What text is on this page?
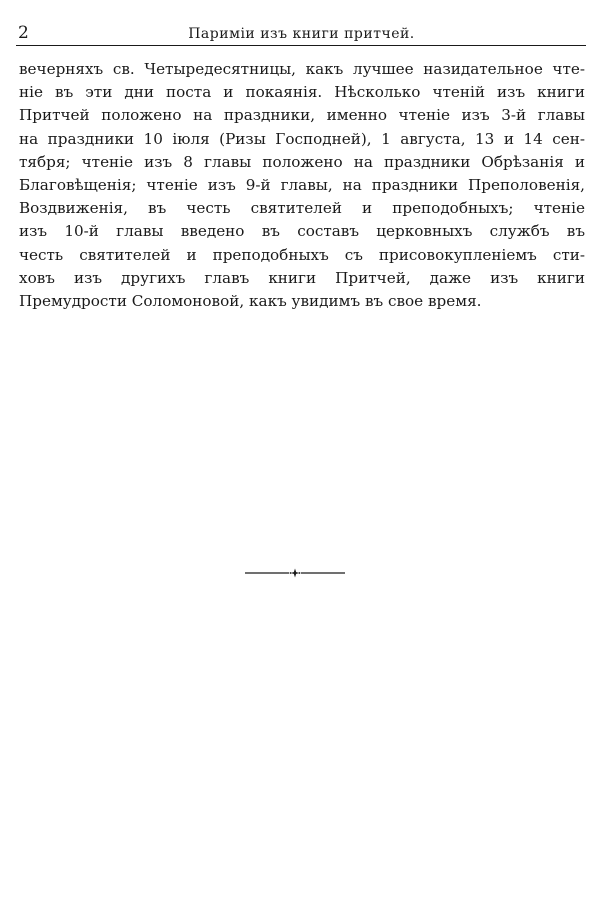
2	Паримiи изъ книги притчей.
вечерняхъ св. Четыредесятницы, какъ лучшее назидательное чте-
нiе въ эти дни поста и покаянiя. Нѣсколько чтенiй изъ книги
Притчей положено на праздники, именно чтенiе изъ 3-й главы
на праздники 10 iюля (Ризы Господней), 1 августа, 13 и 14 сен-
тября; чтенiе изъ 8 главы положено на праздники Обрѣзанiя и
Благовѣщенiя; чтенiе изъ 9-й главы, на праздники Преполовенiя,
Воздвиженiя, въ честь святителей и преподобныхъ; чтенiе
изъ 10-й главы введено въ составъ церковныхъ службъ въ
честь святителей и преподобныхъ съ присовокупленiемъ сти-
ховъ изъ другихъ главъ книги Притчей, даже изъ книги
Премудрости Соломоновой, какъ увидимъ въ свое время.
